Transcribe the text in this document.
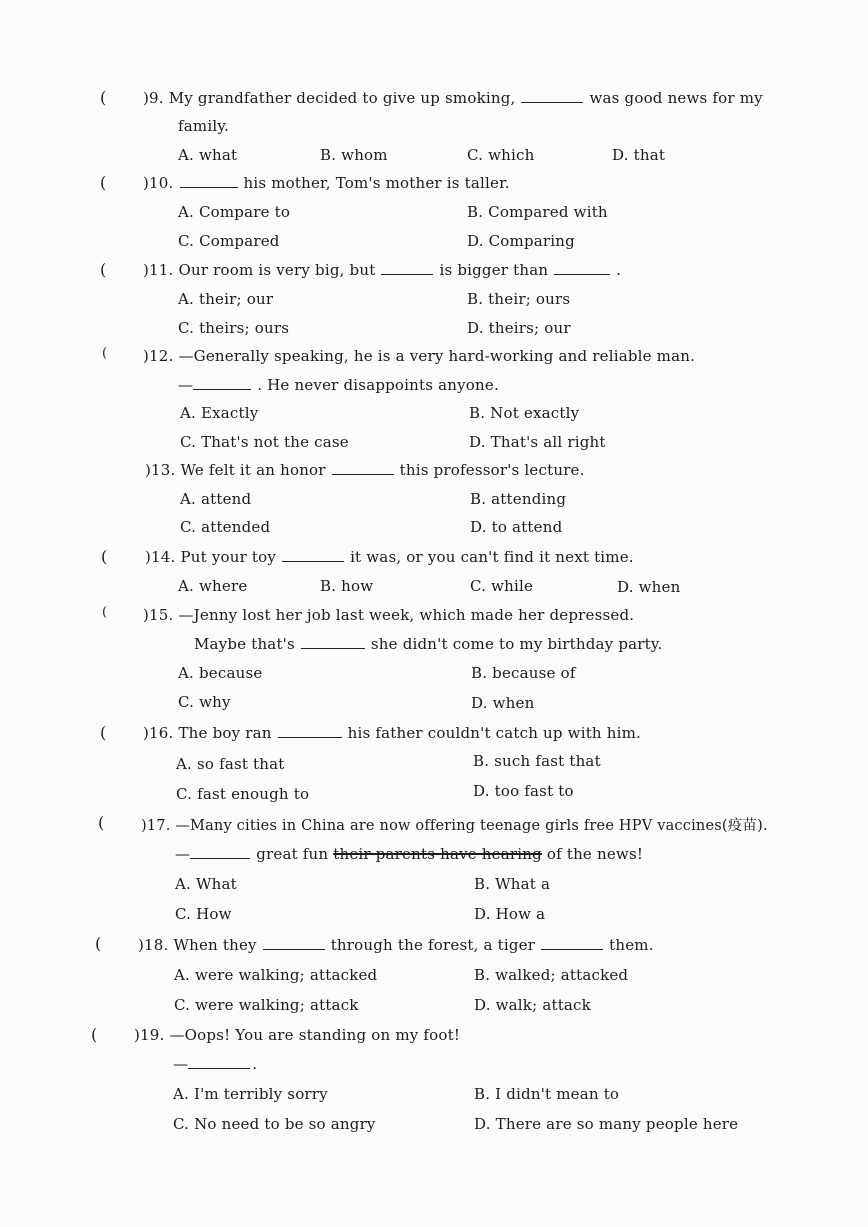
( )9. My grandfather decided to give up smoking,	was good news for my
family.
A. what	B. whom	C. which	D. that
( )10.	his mother, Tom's mother is taller.
A. Compare to	B. Compared with
C. Compared	D. Comparing
( )11. Our room is very big, but	is bigger than	.
A. their; our	B. their; ours
C. theirs; ours	D. theirs; our
( )12. —Generally speaking, he is a very hard-working and reliable man.
—	. He never disappoints anyone.
A. Exactly	B. Not exactly
C. That's not the case	D. That's all right
)13. We felt it an honor	this professor's lecture.
A. attend	B. attending
C. attended	D. to attend
(	)14. Put your toy	it was, or you can't find it next time.
A. where	B. how	C. while	D. when
( )15. —Jenny lost her job last week, which made her depressed.
Maybe that's	she didn't come to my birthday party.
A. because	B. because of
C. why	D. when
( )16. The boy ran	his father couldn't catch up with him.
A. so fast that	B. such fast that
C. fast enough to	D. too fast to
(	)17. —Many cities in China are now offering teenage girls free HPV vaccines(疫苗).
—	great fun their parents have hearing of the news!
A. What	B. What a
C. How	D. How a
( )18. When they	through the forest, a tiger	them.
A. were walking; attacked	B. walked; attacked
C. were walking; attack	D. walk; attack
( )19. —Oops! You are standing on my foot!
—	.
A. I'm terribly sorry	B. I didn't mean to
C. No need to be so angry	D. There are so many people here
